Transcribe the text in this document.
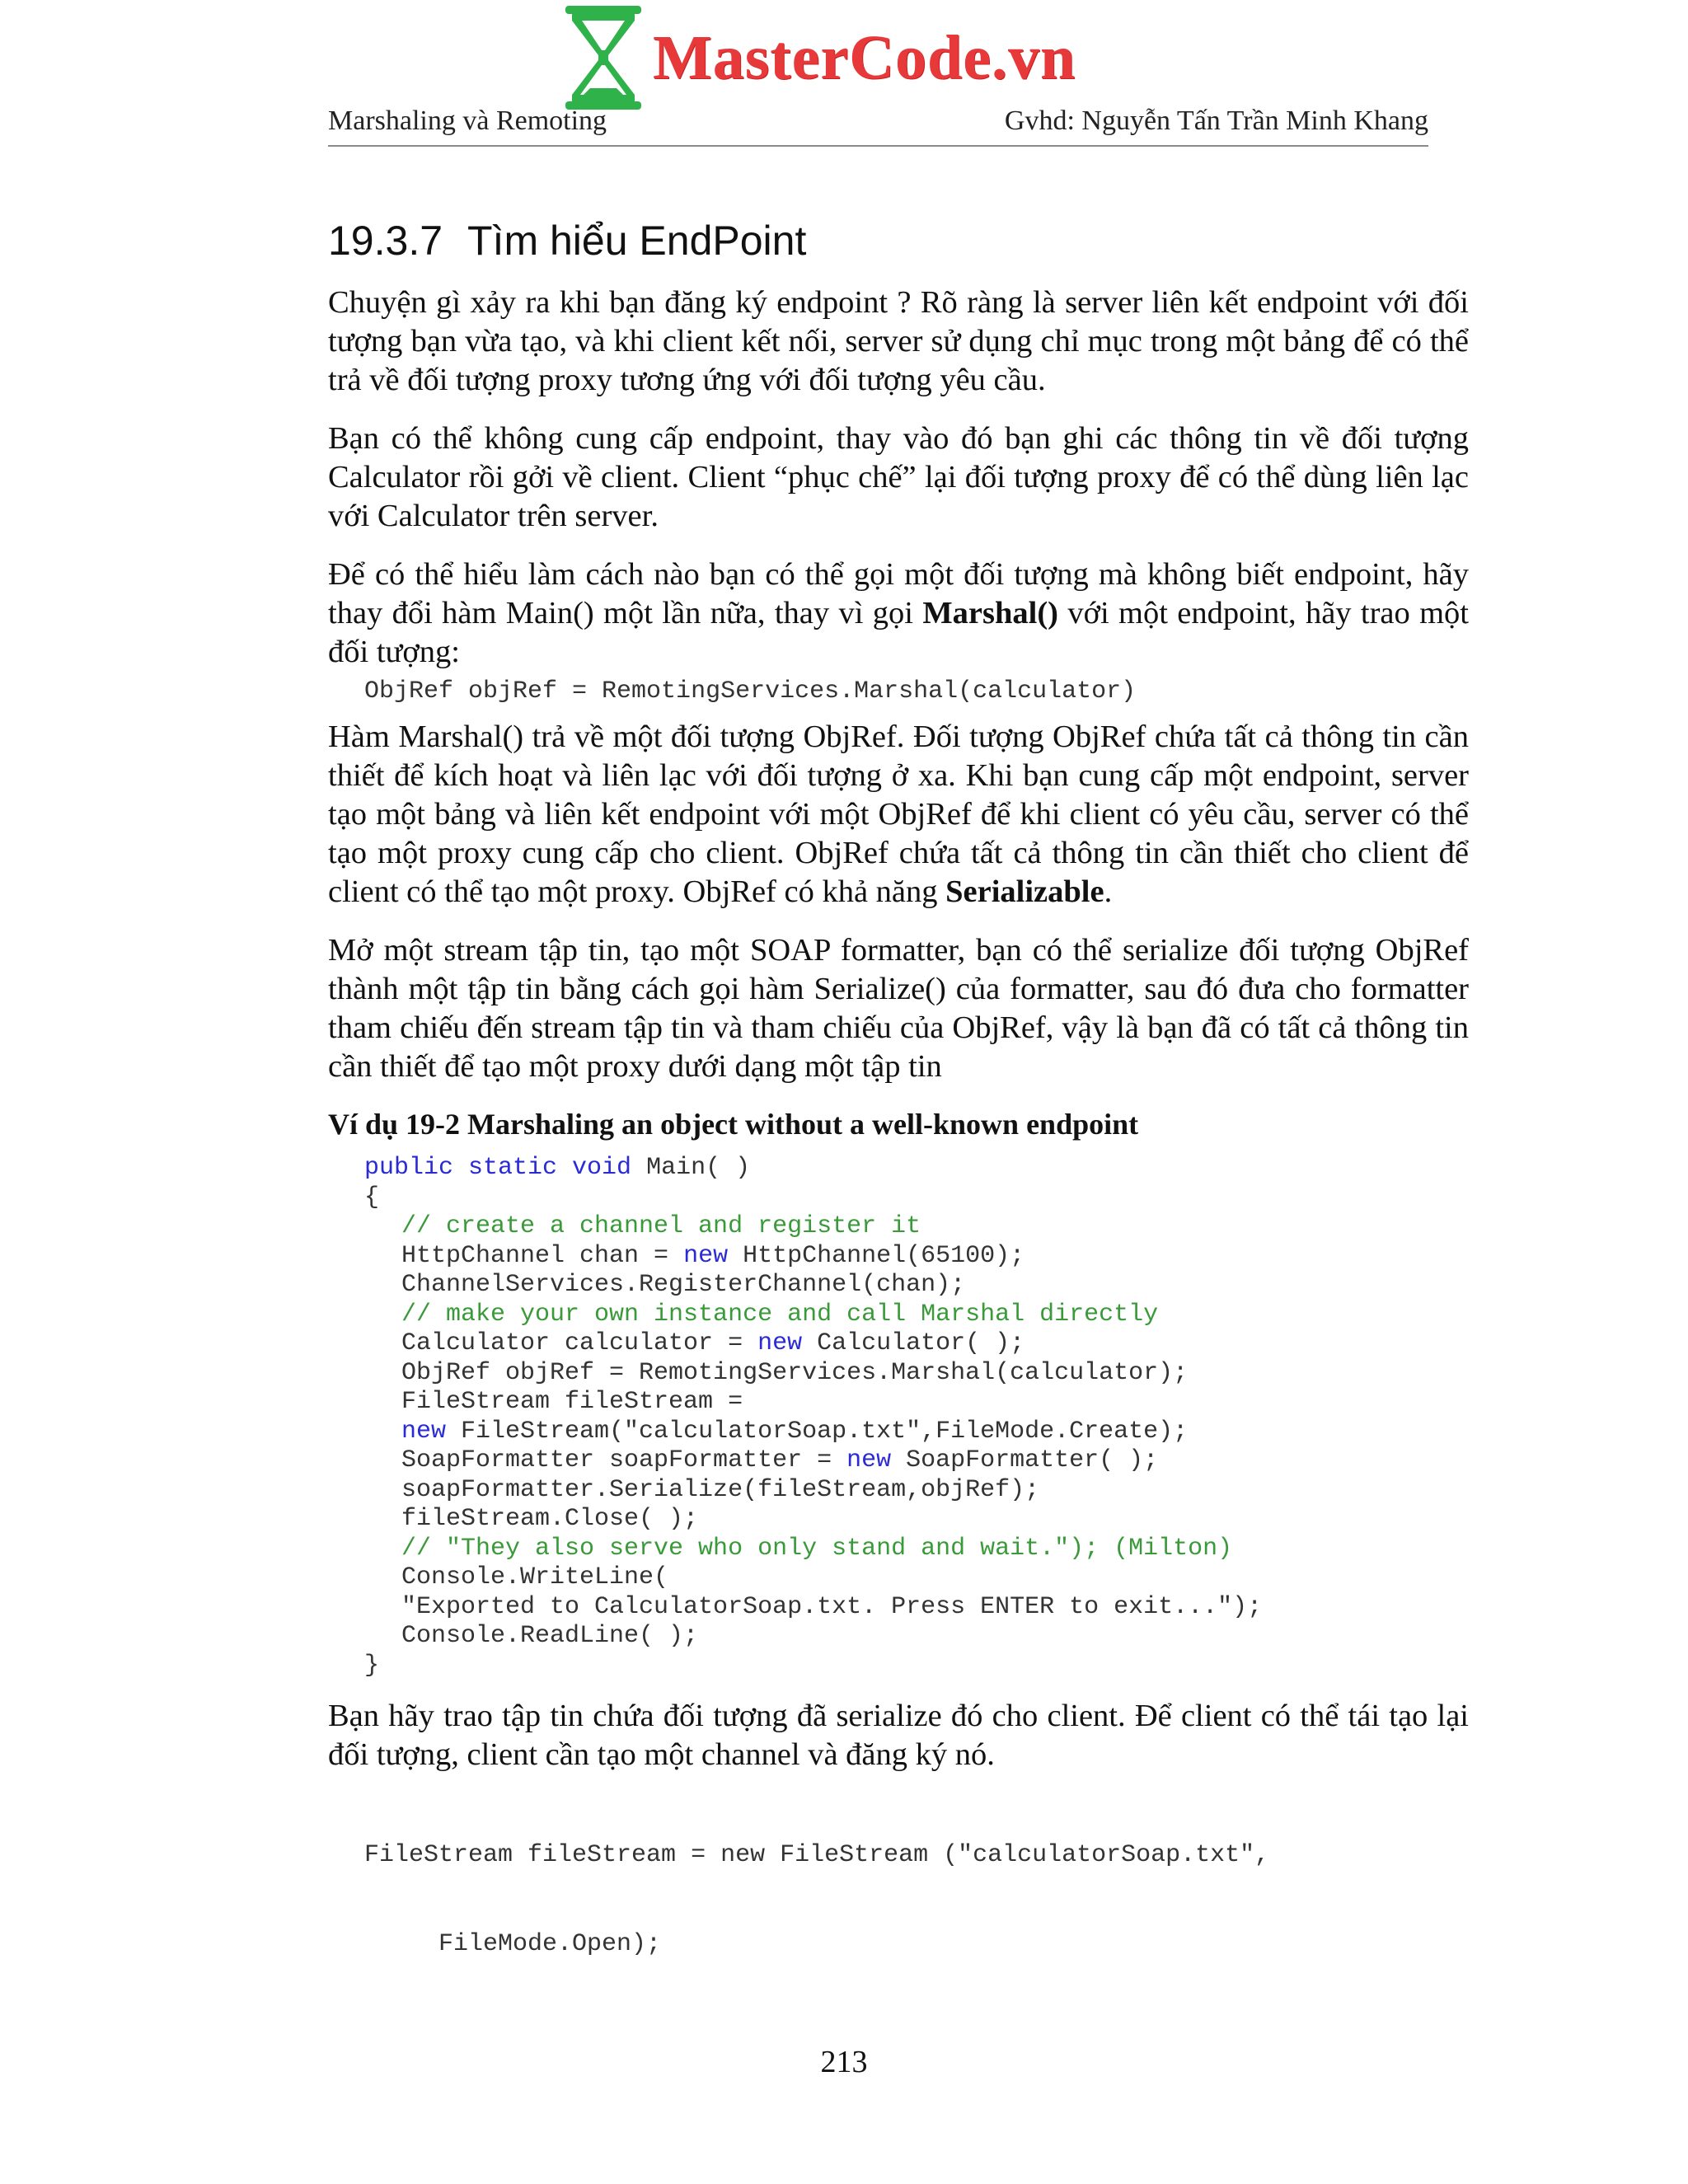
MasterCode.vn
Marshaling và Remoting	Gvhd: Nguyễn Tấn Trần Minh Khang
19.3.7 Tìm hiểu EndPoint

Chuyện gì xảy ra khi bạn đăng ký endpoint ? Rõ ràng là server liên kết endpoint với đối tượng bạn vừa tạo, và khi client kết nối, server sử dụng chỉ mục trong một bảng để có thể trả về đối tượng proxy tương ứng với đối tượng yêu cầu.

Bạn có thể không cung cấp endpoint, thay vào đó bạn ghi các thông tin về đối tượng Calculator rồi gởi về client. Client “phục chế” lại đối tượng proxy để có thể dùng liên lạc với Calculator trên server.

Để có thể hiểu làm cách nào bạn có thể gọi một đối tượng mà không biết endpoint, hãy thay đổi hàm Main() một lần nữa, thay vì gọi Marshal() với một endpoint, hãy trao một đối tượng:

ObjRef objRef = RemotingServices.Marshal(calculator)

Hàm Marshal() trả về một đối tượng ObjRef. Đối tượng ObjRef chứa tất cả thông tin cần thiết để kích hoạt và liên lạc với đối tượng ở xa. Khi bạn cung cấp một endpoint, server tạo một bảng và liên kết endpoint với một ObjRef để khi client có yêu cầu, server có thể tạo một proxy cung cấp cho client. ObjRef chứa tất cả thông tin cần thiết cho client để client có thể tạo một proxy. ObjRef có khả năng Serializable.

Mở một stream tập tin, tạo một SOAP formatter, bạn có thể serialize đối tượng ObjRef thành một tập tin bằng cách gọi hàm Serialize() của formatter, sau đó đưa cho formatter tham chiếu đến stream tập tin và tham chiếu của ObjRef, vậy là bạn đã có tất cả thông tin cần thiết để tạo một proxy dưới dạng một tập tin

Ví dụ 19-2 Marshaling an object without a well-known endpoint
public static void Main( )
{
// create a channel and register it
HttpChannel chan = new HttpChannel(65100);
ChannelServices.RegisterChannel(chan);
// make your own instance and call Marshal directly
Calculator calculator = new Calculator( );
ObjRef objRef = RemotingServices.Marshal(calculator);
FileStream fileStream =
new FileStream("calculatorSoap.txt",FileMode.Create);
SoapFormatter soapFormatter = new SoapFormatter( );
soapFormatter.Serialize(fileStream,objRef);
fileStream.Close( );
// "They also serve who only stand and wait."); (Milton)
Console.WriteLine(
"Exported to CalculatorSoap.txt. Press ENTER to exit...");
Console.ReadLine( );
}

Bạn hãy trao tập tin chứa đối tượng đã serialize đó cho client. Để client có thể tái tạo lại đối tượng, client cần tạo một channel và đăng ký nó.

FileStream fileStream = new FileStream ("calculatorSoap.txt",

FileMode.Open);

213
